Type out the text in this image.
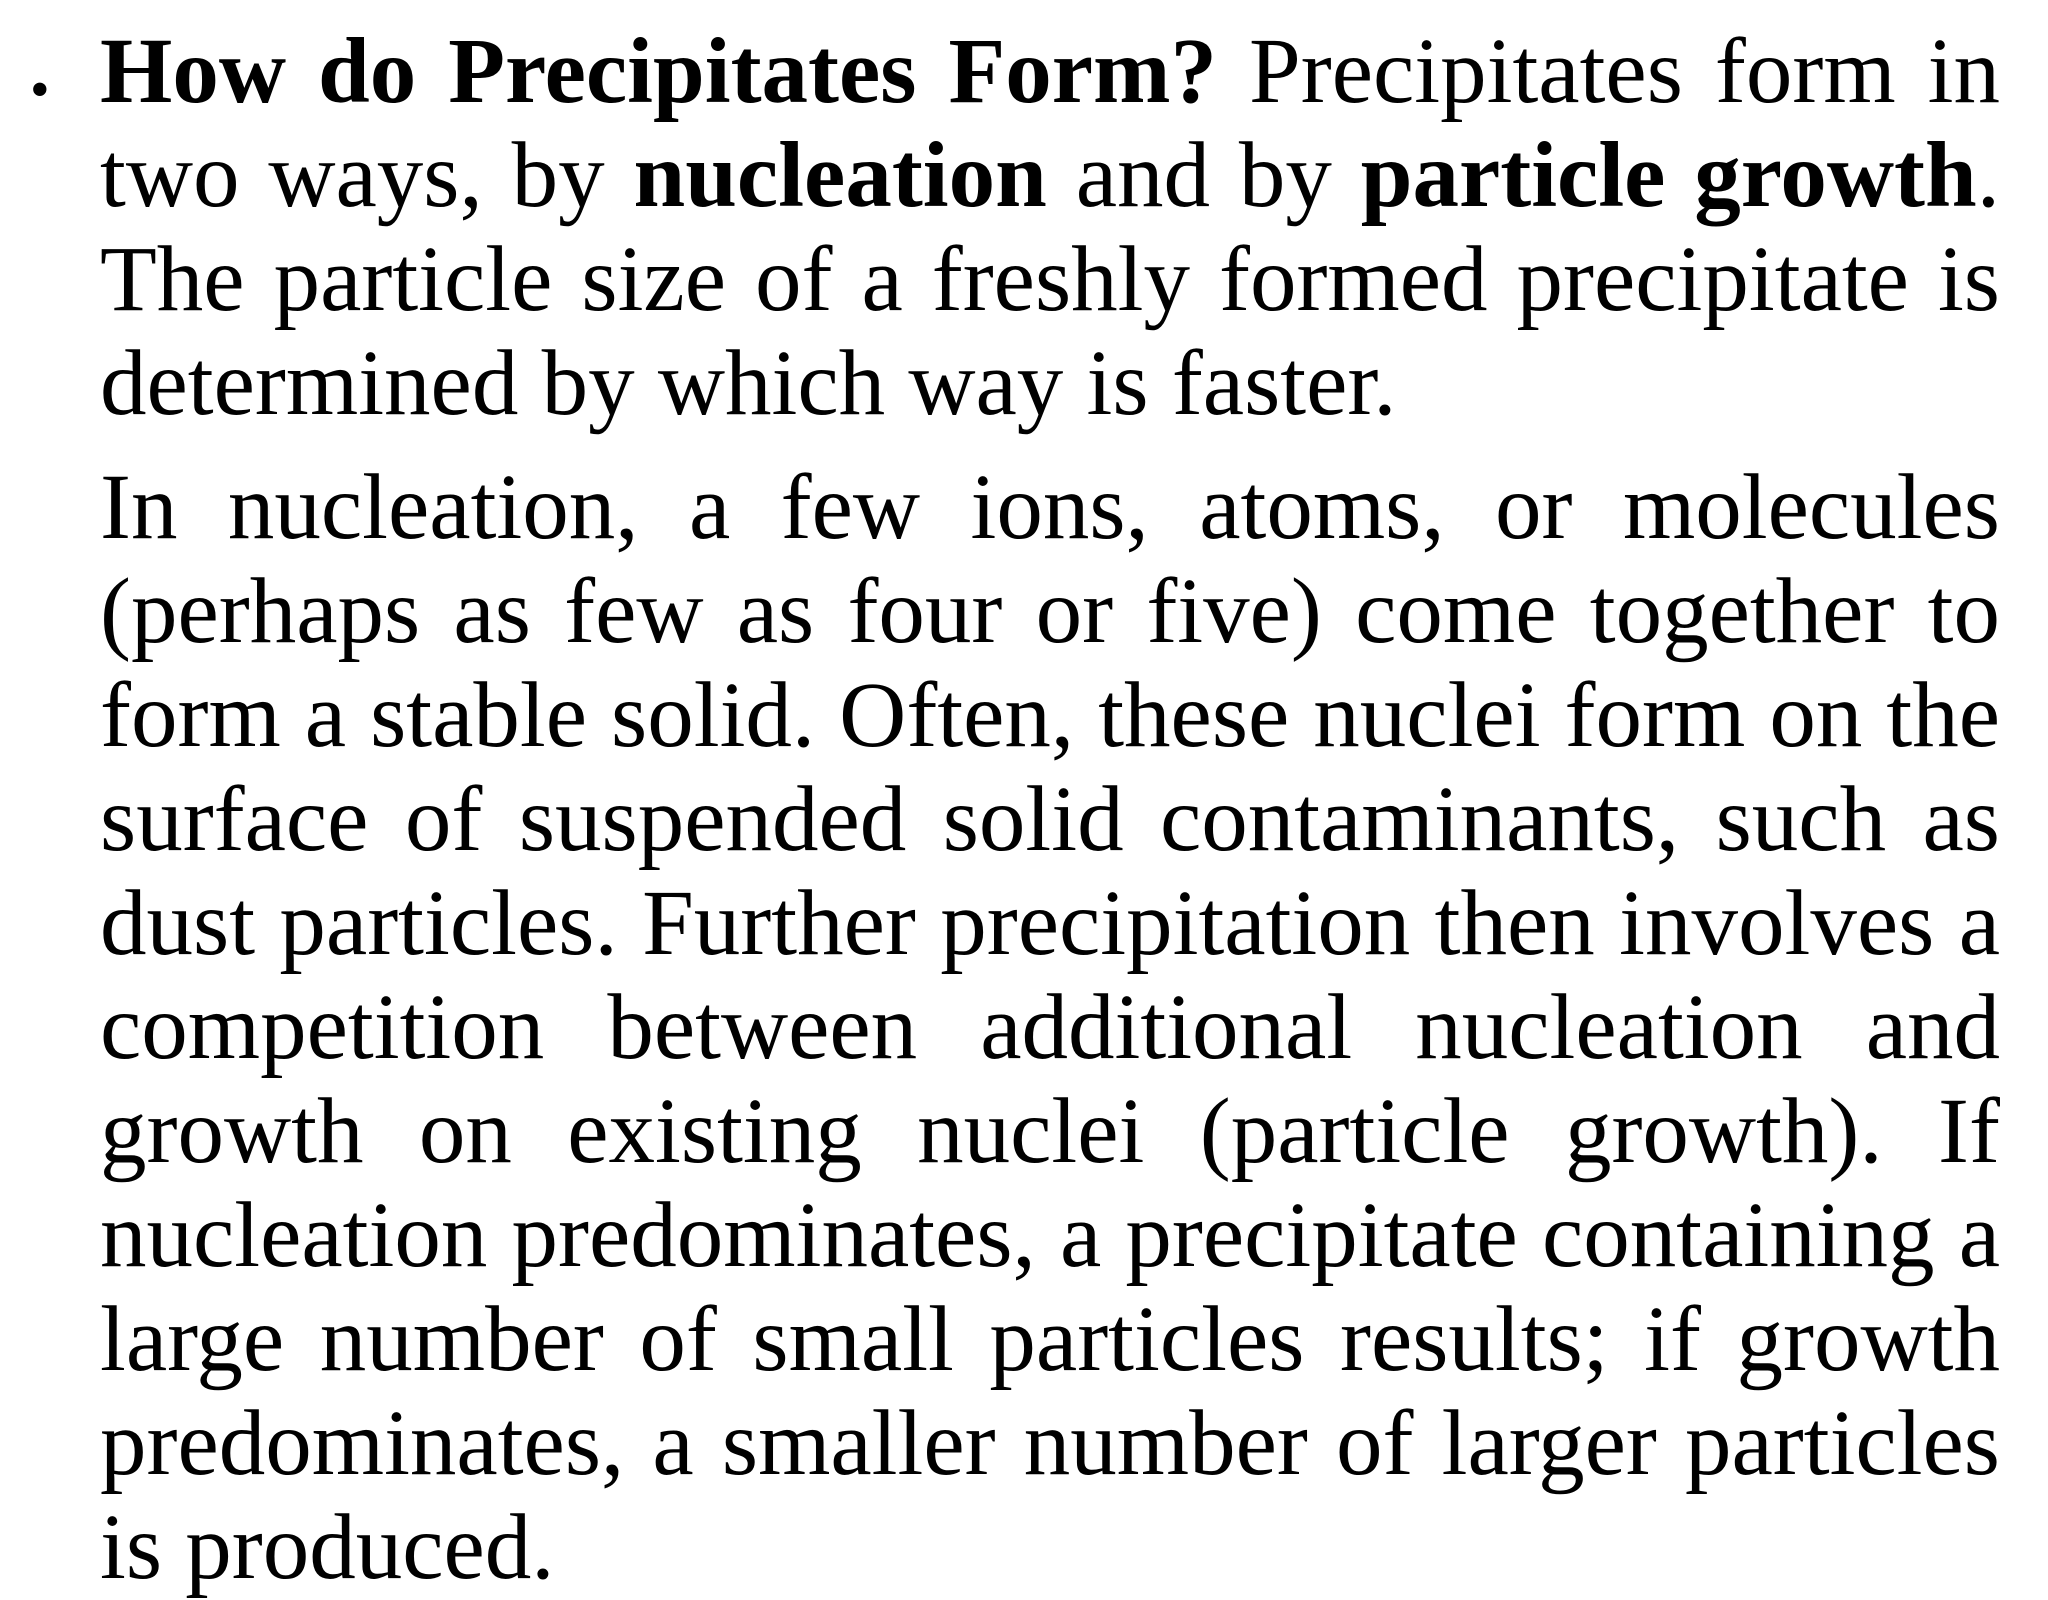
• How do Precipitates Form? Precipitates form in two ways, by nucleation and by particle growth. The particle size of a freshly formed precipitate is determined by which way is faster.

In nucleation, a few ions, atoms, or molecules (perhaps as few as four or five) come together to form a stable solid. Often, these nuclei form on the surface of suspended solid contaminants, such as dust particles. Further precipitation then involves a competition between additional nucleation and growth on existing nuclei (particle growth). If nucleation predominates, a precipitate containing a large number of small particles results; if growth predominates, a smaller number of larger particles is produced.
